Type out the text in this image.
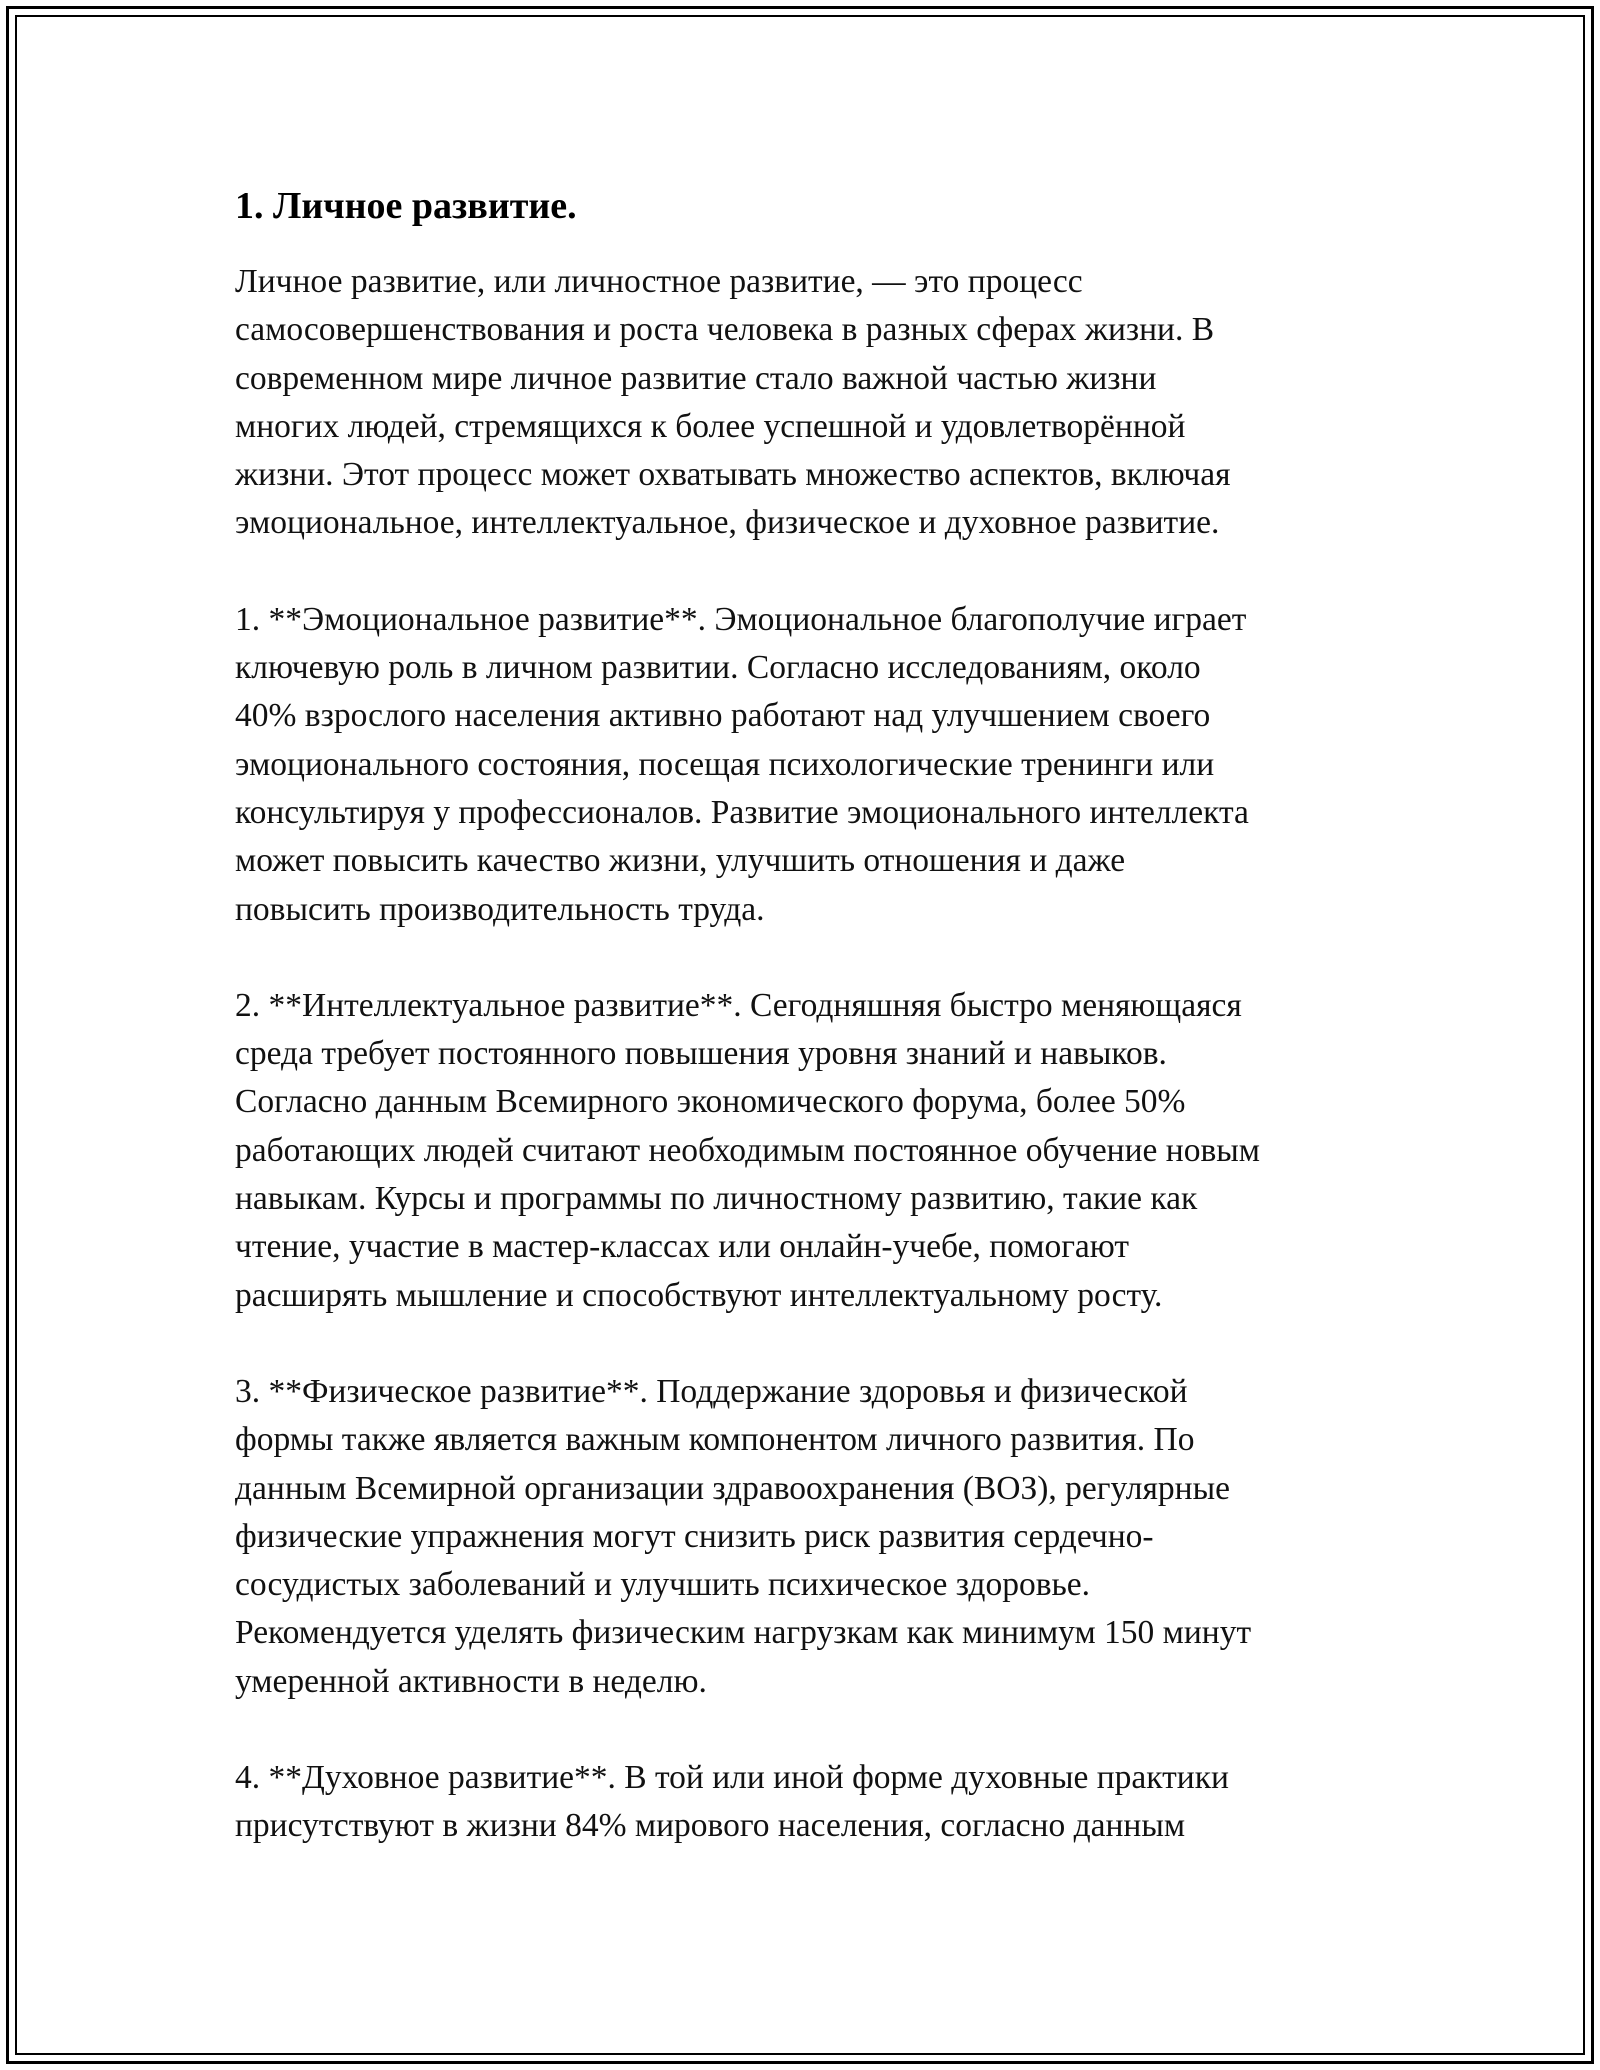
1. Личное развитие.

Личное развитие, или личностное развитие, — это процесс
самосовершенствования и роста человека в разных сферах жизни. В
современном мире личное развитие стало важной частью жизни
многих людей, стремящихся к более успешной и удовлетворённой
жизни. Этот процесс может охватывать множество аспектов, включая
эмоциональное, интеллектуальное, физическое и духовное развитие.

1. **Эмоциональное развитие**. Эмоциональное благополучие играет
ключевую роль в личном развитии. Согласно исследованиям, около
40% взрослого населения активно работают над улучшением своего
эмоционального состояния, посещая психологические тренинги или
консультируя у профессионалов. Развитие эмоционального интеллекта
может повысить качество жизни, улучшить отношения и даже
повысить производительность труда.

2. **Интеллектуальное развитие**. Сегодняшняя быстро меняющаяся
среда требует постоянного повышения уровня знаний и навыков.
Согласно данным Всемирного экономического форума, более 50%
работающих людей считают необходимым постоянное обучение новым
навыкам. Курсы и программы по личностному развитию, такие как
чтение, участие в мастер-классах или онлайн-учебе, помогают
расширять мышление и способствуют интеллектуальному росту.

3. **Физическое развитие**. Поддержание здоровья и физической
формы также является важным компонентом личного развития. По
данным Всемирной организации здравоохранения (ВОЗ), регулярные
физические упражнения могут снизить риск развития сердечно-
сосудистых заболеваний и улучшить психическое здоровье.
Рекомендуется уделять физическим нагрузкам как минимум 150 минут
умеренной активности в неделю.

4. **Духовное развитие**. В той или иной форме духовные практики
присутствуют в жизни 84% мирового населения, согласно данным
